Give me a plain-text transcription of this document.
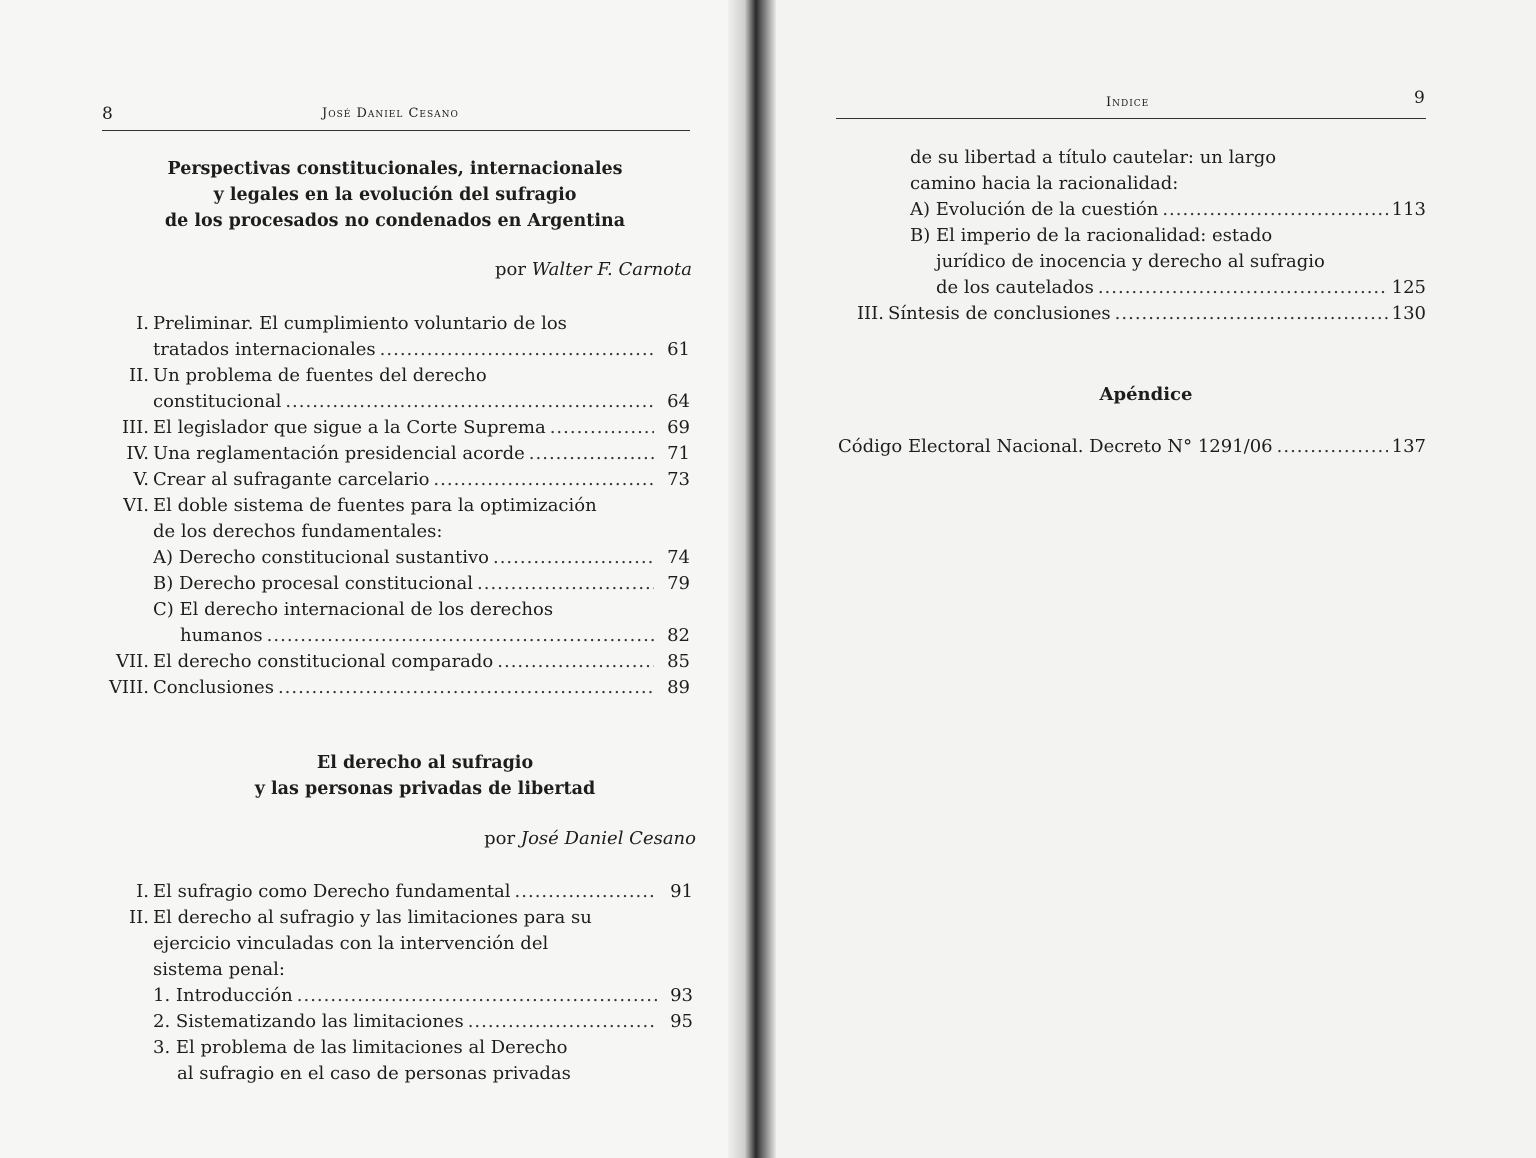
8	José Daniel Cesano
Perspectivas constitucionales, internacionales
y legales en la evolución del sufragio
de los procesados no condenados en Argentina
por Walter F. Carnota
I. Preliminar. El cumplimiento voluntario de los
tratados internacionales .....	61
II. Un problema de fuentes del derecho
constitucional .....	64
III. El legislador que sigue a la Corte Suprema .....	69
IV. Una reglamentación presidencial acorde .....	71
V. Crear al sufragante carcelario .....	73
VI. El doble sistema de fuentes para la optimización
de los derechos fundamentales:
A) Derecho constitucional sustantivo .....	74
B) Derecho procesal constitucional .....	79
C) El derecho internacional de los derechos
humanos .....	82
VII. El derecho constitucional comparado .....	85
VIII. Conclusiones .....	89
El derecho al sufragio
y las personas privadas de libertad
por José Daniel Cesano
I. El sufragio como Derecho fundamental .....	91
II. El derecho al sufragio y las limitaciones para su
ejercicio vinculadas con la intervención del
sistema penal:
1. Introducción .....	93
2. Sistematizando las limitaciones .....	95
3. El problema de las limitaciones al Derecho
al sufragio en el caso de personas privadas
Indice	9
de su libertad a título cautelar: un largo
camino hacia la racionalidad:
A) Evolución de la cuestión .....	113
B) El imperio de la racionalidad: estado
jurídico de inocencia y derecho al sufragio
de los cautelados .....	125
III. Síntesis de conclusiones .....	130
Apéndice
Código Electoral Nacional. Decreto N° 1291/06 .....	137
